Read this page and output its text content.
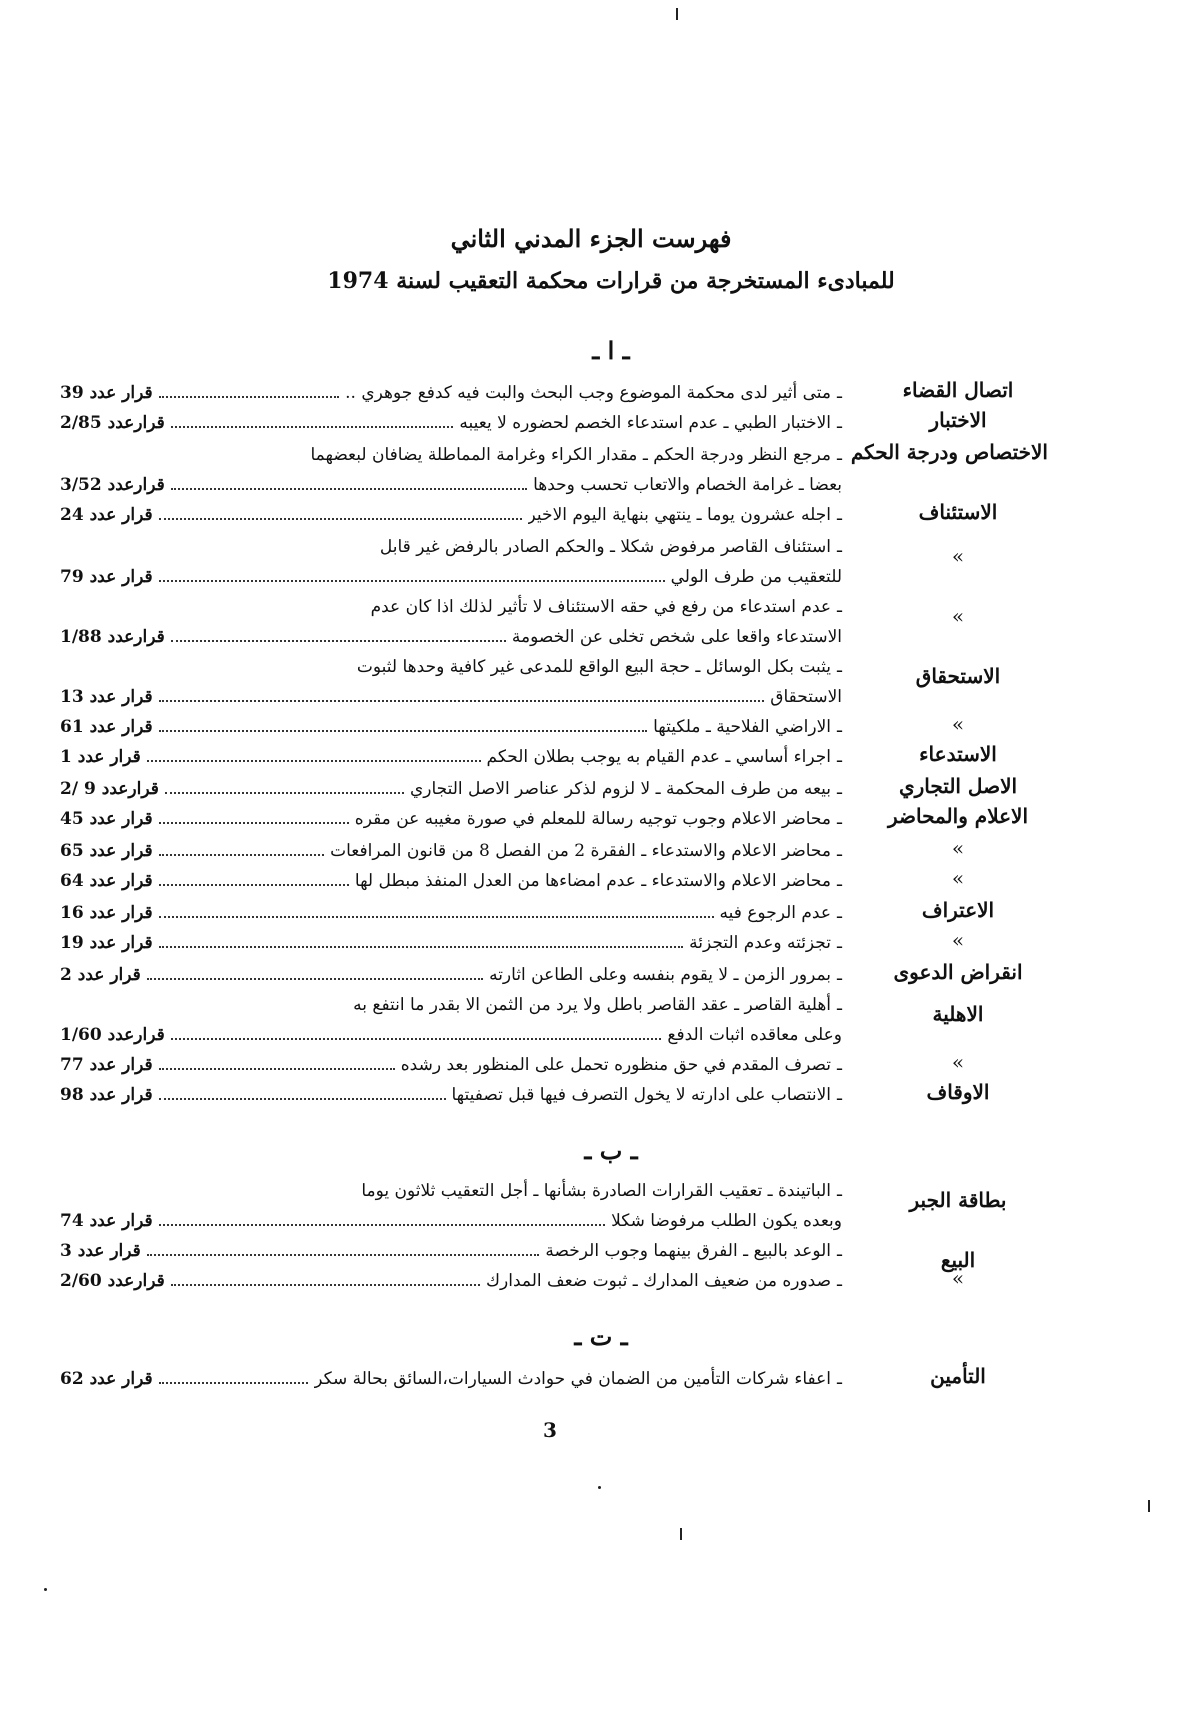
فهرست الجزء المدني الثاني
للمبادىء المستخرجة من قرارات محكمة التعقيب لسنة 1974
ـ ا ـ
اتصال القضاء
ـ
متى أثير لدى محكمة الموضوع وجب البحث والبت فيه كدفع جوهري ..
قرار عدد 39
الاختبار
ـ
الاختبار الطبي ـ عدم استدعاء الخصم لحضوره لا يعيبه
قرارعدد 2/85
الاختصاص ودرجة الحكم
ـ
مرجع النظر ودرجة الحكم ـ مقدار الكراء وغرامة المماطلة يضافان لبعضهما
بعضا ـ غرامة الخصام والاتعاب تحسب وحدها
قرارعدد 3/52
الاستئناف
ـ
اجله عشرون يوما ـ ينتهي بنهاية اليوم الاخير
قرار عدد 24
»
ـ
استئناف القاصر مرفوض شكلا ـ والحكم الصادر بالرفض غير قابل
للتعقيب من طرف الولي
قرار عدد 79
»
ـ
عدم استدعاء من رفع في حقه الاستئناف لا تأثير لذلك اذا كان عدم
الاستدعاء واقعا على شخص تخلى عن الخصومة
قرارعدد 1/88
الاستحقاق
ـ
يثبت بكل الوسائل ـ حجة البيع الواقع للمدعى غير كافية وحدها لثبوت
الاستحقاق
قرار عدد 13
»
ـ
الاراضي الفلاحية ـ ملكيتها
قرار عدد 61
الاستدعاء
ـ
اجراء أساسي ـ عدم القيام به يوجب بطلان الحكم
قرار عدد 1
الاصل التجاري
ـ
بيعه من طرف المحكمة ـ لا لزوم لذكر عناصر الاصل التجاري
قرارعدد 9 /2
الاعلام والمحاضر
ـ
محاضر الاعلام وجوب توجيه رسالة للمعلم في صورة مغيبه عن مقره
قرار عدد 45
»
ـ
محاضر الاعلام والاستدعاء ـ الفقرة 2 من الفصل 8 من قانون المرافعات
قرار عدد 65
»
ـ
محاضر الاعلام والاستدعاء ـ عدم امضاءها من العدل المنفذ مبطل لها
قرار عدد 64
الاعتراف
ـ
عدم الرجوع فيه
قرار عدد 16
»
ـ
تجزئته وعدم التجزئة
قرار عدد 19
انقراض الدعوى
ـ
بمرور الزمن ـ لا يقوم بنفسه وعلى الطاعن اثارته
قرار عدد 2
الاهلية
ـ
أهلية القاصر ـ عقد القاصر باطل ولا يرد من الثمن الا بقدر ما انتفع به
وعلى معاقده اثبات الدفع
قرارعدد 1/60
»
ـ
تصرف المقدم في حق منظوره تحمل على المنظور بعد رشده
قرار عدد 77
الاوقاف
ـ
الانتصاب على ادارته لا يخول التصرف فيها قبل تصفيتها
قرار عدد 98
ـ ب ـ
بطاقة الجبر
ـ
الباتيندة ـ تعقيب القرارات الصادرة بشأنها ـ أجل التعقيب ثلاثون يوما
وبعده يكون الطلب مرفوضا شكلا
قرار عدد 74
البيع
ـ
الوعد بالبيع ـ الفرق بينهما وجوب الرخصة
قرار عدد 3
»
ـ
صدوره من ضعيف المدارك ـ ثبوت ضعف المدارك
قرارعدد 2/60
ـ ت ـ
التأمين
ـ
اعفاء شركات التأمين من الضمان في حوادث السيارات،السائق بحالة سكر
قرار عدد 62
3
